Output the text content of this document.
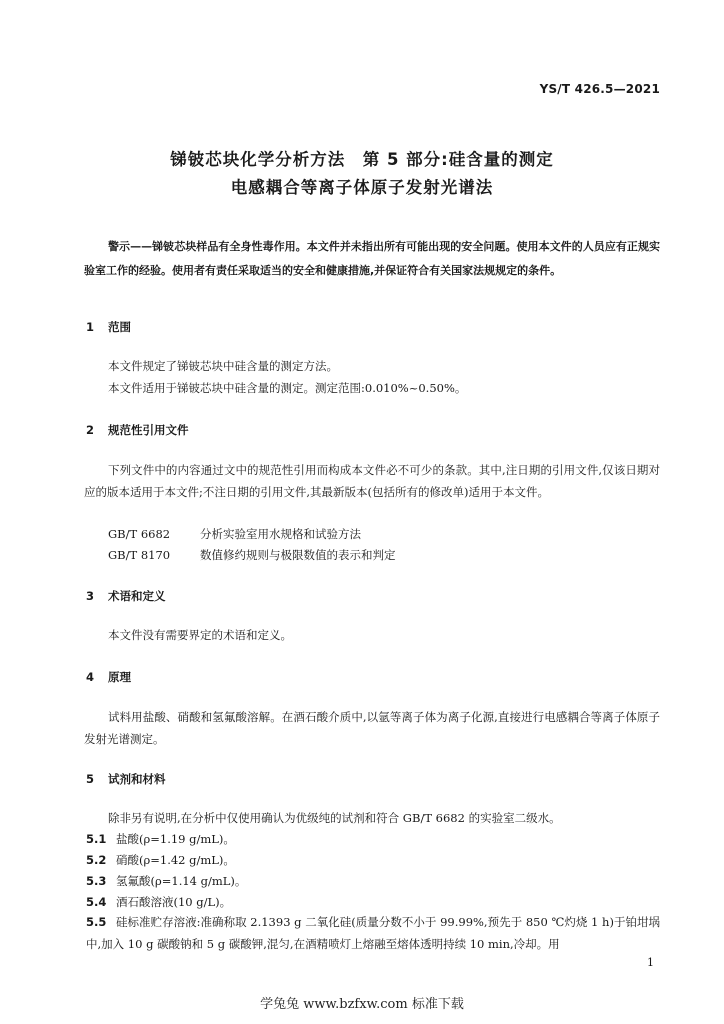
YS/T 426.5—2021
锑铍芯块化学分析方法　第 5 部分:硅含量的测定
电感耦合等离子体原子发射光谱法

警示——锑铍芯块样品有全身性毒作用。本文件并未指出所有可能出现的安全问题。使用本文件的人员应有正规实验室工作的经验。使用者有责任采取适当的安全和健康措施,并保证符合有关国家法规规定的条件。

1 范围

本文件规定了锑铍芯块中硅含量的测定方法。

本文件适用于锑铍芯块中硅含量的测定。测定范围:0.010%~0.50%。

2 规范性引用文件

下列文件中的内容通过文中的规范性引用而构成本文件必不可少的条款。其中,注日期的引用文件,仅该日期对应的版本适用于本文件;不注日期的引用文件,其最新版本(包括所有的修改单)适用于本文件。

GB/T 6682	分析实验室用水规格和试验方法

GB/T 8170	数值修约规则与极限数值的表示和判定

3 术语和定义

本文件没有需要界定的术语和定义。

4 原理

试料用盐酸、硝酸和氢氟酸溶解。在酒石酸介质中,以氩等离子体为离子化源,直接进行电感耦合等离子体原子发射光谱测定。

5 试剂和材料

除非另有说明,在分析中仅使用确认为优级纯的试剂和符合 GB/T 6682 的实验室二级水。

5.1 盐酸(ρ=1.19 g/mL)。

5.2 硝酸(ρ=1.42 g/mL)。

5.3 氢氟酸(ρ=1.14 g/mL)。

5.4 酒石酸溶液(10 g/L)。

5.5 硅标准贮存溶液:准确称取 2.1393 g 二氧化硅(质量分数不小于 99.99%,预先于 850 ℃灼烧 1 h)于铂坩埚中,加入 10 g 碳酸钠和 5 g 碳酸钾,混匀,在酒精喷灯上熔融至熔体透明持续 10 min,冷却。用

1
学兔兔 www.bzfxw.com 标准下载
